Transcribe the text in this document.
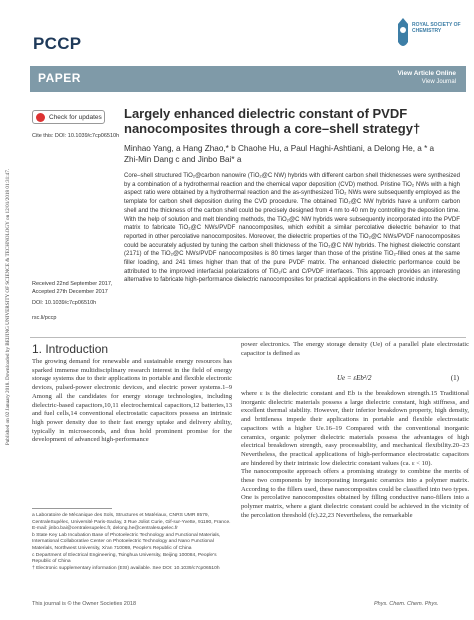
Published on 02 January 2018. Downloaded by BEIJING UNIVERSITY OF SCIENCE & TECHNOLOGY on 12/01/2018 01:31:47.
PCCP
ROYAL SOCIETY OF CHEMISTRY
PAPER	View Article Online
View Journal
Check for updates
Cite this: DOI: 10.1039/c7cp06510h
Largely enhanced dielectric constant of PVDF nanocomposites through a core–shell strategy†
Minhao Yang, a Hang Zhao,* b Chaohe Hu, a Paul Haghi-Ashtiani, a Delong He, a * a
Zhi-Min Dang c and Jinbo Bai* a
Core–shell structured TiO₂@carbon nanowire (TiO₂@C NW) hybrids with different carbon shell thicknesses were synthesized by a combination of a hydrothermal reaction and the chemical vapor deposition (CVD) method. Pristine TiO₂ NWs with a high aspect ratio were obtained by a hydrothermal reaction and the as-synthesized TiO₂ NWs were subsequently employed as the template for carbon shell deposition during the CVD procedure. The obtained TiO₂@C NW hybrids have a uniform carbon shell and the thickness of the carbon shell could be precisely designed from 4 nm to 40 nm by controlling the deposition time. With the help of solution and melt blending methods, the TiO₂@C NW hybrids were subsequently incorporated into the PVDF matrix to fabricate TiO₂@C NWs/PVDF nanocomposites, which exhibit a similar percolative dielectric behavior to that reported in other percolative nanocomposites. Moreover, the dielectric properties of the TiO₂@C NWs/PVDF nanocomposites could be accurately adjusted by tuning the carbon shell thickness of the TiO₂@C NW hybrids. The highest dielectric constant (2171) of the TiO₂@C NWs/PVDF nanocomposites is 80 times larger than those of the pristine TiO₂-filled ones at the same filler loading, and 241 times higher than that of the pure PVDF matrix. The enhanced dielectric performance could be attributed to the improved interfacial polarizations of TiO₂/C and C/PVDF interfaces. This approach provides an interesting alternative to fabricate high-performance dielectric nanocomposites for practical applications in the electronic industry.
Received 22nd September 2017,
Accepted 27th December 2017
DOI: 10.1039/c7cp06510h
rsc.li/pccp
1. Introduction
The growing demand for renewable and sustainable energy resources has sparked immense multidisciplinary research interest in the field of energy storage systems due to their applications in portable and flexible electronic devices, pulsed-power electronic devices, and electric power systems.1–9 Among all the candidates for energy storage technologies, including dielectric-based capacitors,10,11 electrochemical capacitors,12 batteries,13 and fuel cells,14 conventional electrostatic capacitors possess an intrinsic high power density due to their fast energy uptake and delivery ability, typically in microseconds, and thus hold prominent promise for the development of advanced high-performance
power electronics. The energy storage density (Ue) of a parallel plate electrostatic capacitor is defined as
Ue = εEb²/2	(1)
where ε is the dielectric constant and Eb is the breakdown strength.15 Traditional inorganic dielectric materials possess a large dielectric constant, high stiffness, and excellent thermal stability. However, their inferior breakdown property, high density, and brittleness impede their applications in portable and flexible electrostatic capacitors with a higher Ue.16–19 Compared with the conventional inorganic ceramics, organic polymer dielectric materials possess the advantages of high electrical breakdown strength, easy processability, and mechanical flexibility.20–23 Nevertheless, the practical applications of high-performance electrostatic capacitors are hindered by their intrinsic low dielectric constant values (ca. ε < 10).
The nanocomposite approach offers a promising strategy to combine the merits of these two components by incorporating inorganic ceramics into a polymer matrix. According to the fillers used, these nanocomposites could be classified into two types. One is percolative nanocomposites obtained by filling conductive nano-fillers into a polymer matrix, where a giant dielectric constant could be achieved in the vicinity of the percolation threshold (fc).22,23 Nevertheless, the remarkable
a Laboratoire de Mécanique des Sols, Structures et Matériaux, CNRS UMR 8579, CentraleSupélec, Université Paris-Saclay, 3 Rue Joliot Curie, Gif-sur-Yvette, 91190, France. E-mail: jinbo.bai@centralesupelec.fr, delong.he@centralesupelec.fr
b State Key Lab Incubation Base of Photoelectric Technology and Functional Materials, International Collaborative Center on Photoelectric Technology and Nano Functional Materials, Northwest University, Xi'an 710069, People's Republic of China
c Department of Electrical Engineering, Tsinghua University, Beijing 100084, People's Republic of China
† Electronic supplementary information (ESI) available. See DOI: 10.1039/c7cp06510h
This journal is © the Owner Societies 2018	Phys. Chem. Chem. Phys.
